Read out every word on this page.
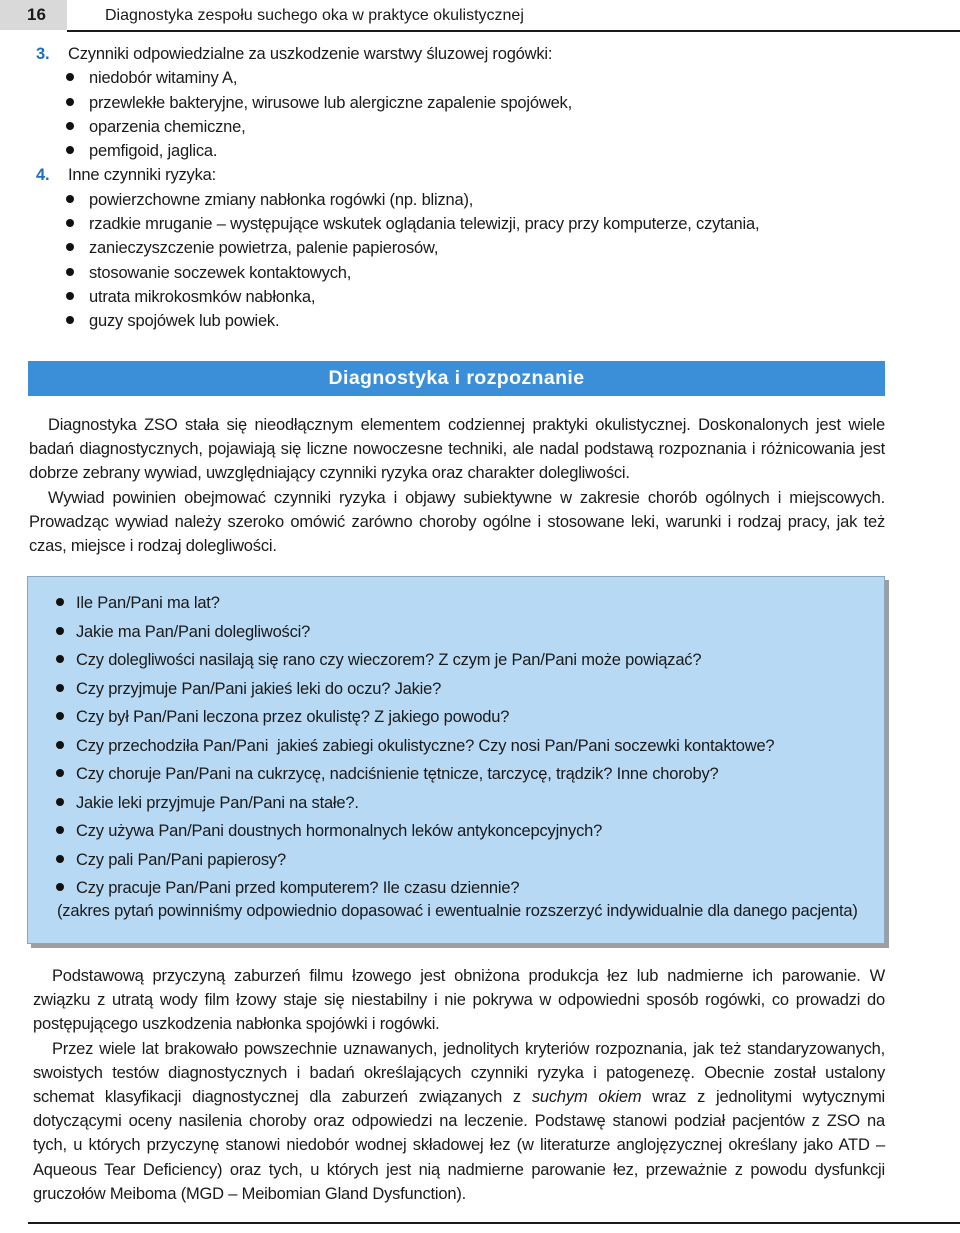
16	Diagnostyka zespołu suchego oka w praktyce okulistycznej
3. Czynniki odpowiedzialne za uszkodzenie warstwy śluzowej rogówki:
niedobór witaminy A,
przewlekłe bakteryjne, wirusowe lub alergiczne zapalenie spojówek,
oparzenia chemiczne,
pemfigoid, jaglica.
4. Inne czynniki ryzyka:
powierzchowne zmiany nabłonka rogówki (np. blizna),
rzadkie mruganie – występujące wskutek oglądania telewizji, pracy przy komputerze, czytania,
zanieczyszczenie powietrza, palenie papierosów,
stosowanie soczewek kontaktowych,
utrata mikrokosmków nabłonka,
guzy spojówek lub powiek.
Diagnostyka i rozpoznanie

Diagnostyka ZSO stała się nieodłącznym elementem codziennej praktyki okulistycznej. Doskonalonych jest wiele badań diagnostycznych, pojawiają się liczne nowoczesne techniki, ale nadal podstawą rozpoznania i różnicowania jest dobrze zebrany wywiad, uwzględniający czynniki ryzyka oraz charakter dolegliwości.

Wywiad powinien obejmować czynniki ryzyka i objawy subiektywne w zakresie chorób ogólnych i miejscowych. Prowadząc wywiad należy szeroko omówić zarówno choroby ogólne i stosowane leki, warunki i rodzaj pracy, jak też czas, miejsce i rodzaj dolegliwości.

Ile Pan/Pani ma lat?
Jakie ma Pan/Pani dolegliwości?
Czy dolegliwości nasilają się rano czy wieczorem? Z czym je Pan/Pani może powiązać?
Czy przyjmuje Pan/Pani jakieś leki do oczu? Jakie?
Czy był Pan/Pani leczona przez okulistę? Z jakiego powodu?
Czy przechodziła Pan/Pani  jakieś zabiegi okulistyczne? Czy nosi Pan/Pani soczewki kontaktowe?
Czy choruje Pan/Pani na cukrzycę, nadciśnienie tętnicze, tarczycę, trądzik? Inne choroby?
Jakie leki przyjmuje Pan/Pani na stałe?.
Czy używa Pan/Pani doustnych hormonalnych leków antykoncepcyjnych?
Czy pali Pan/Pani papierosy?
Czy pracuje Pan/Pani przed komputerem? Ile czasu dziennie?
(zakres pytań powinniśmy odpowiednio dopasować i ewentualnie rozszerzyć indywidualnie dla danego pacjenta)

Podstawową przyczyną zaburzeń filmu łzowego jest obniżona produkcja łez lub nadmierne ich parowanie. W związku z utratą wody film łzowy staje się niestabilny i nie pokrywa w odpowiedni sposób rogówki, co prowadzi do postępującego uszkodzenia nabłonka spojówki i rogówki.

Przez wiele lat brakowało powszechnie uznawanych, jednolitych kryteriów rozpoznania, jak też standaryzowanych, swoistych testów diagnostycznych i badań określających czynniki ryzyka i patogenezę. Obecnie został ustalony schemat klasyfikacji diagnostycznej dla zaburzeń związanych z suchym okiem wraz z jednolitymi wytycznymi dotyczącymi oceny nasilenia choroby oraz odpowiedzi na leczenie. Podstawę stanowi podział pacjentów z ZSO na tych, u których przyczynę stanowi niedobór wodnej składowej łez (w literaturze anglojęzycznej określany jako ATD – Aqueous Tear Deficiency) oraz tych, u których jest nią nadmierne parowanie łez, przeważnie z powodu dysfunkcji gruczołów Meiboma (MGD – Meibomian Gland Dysfunction).
